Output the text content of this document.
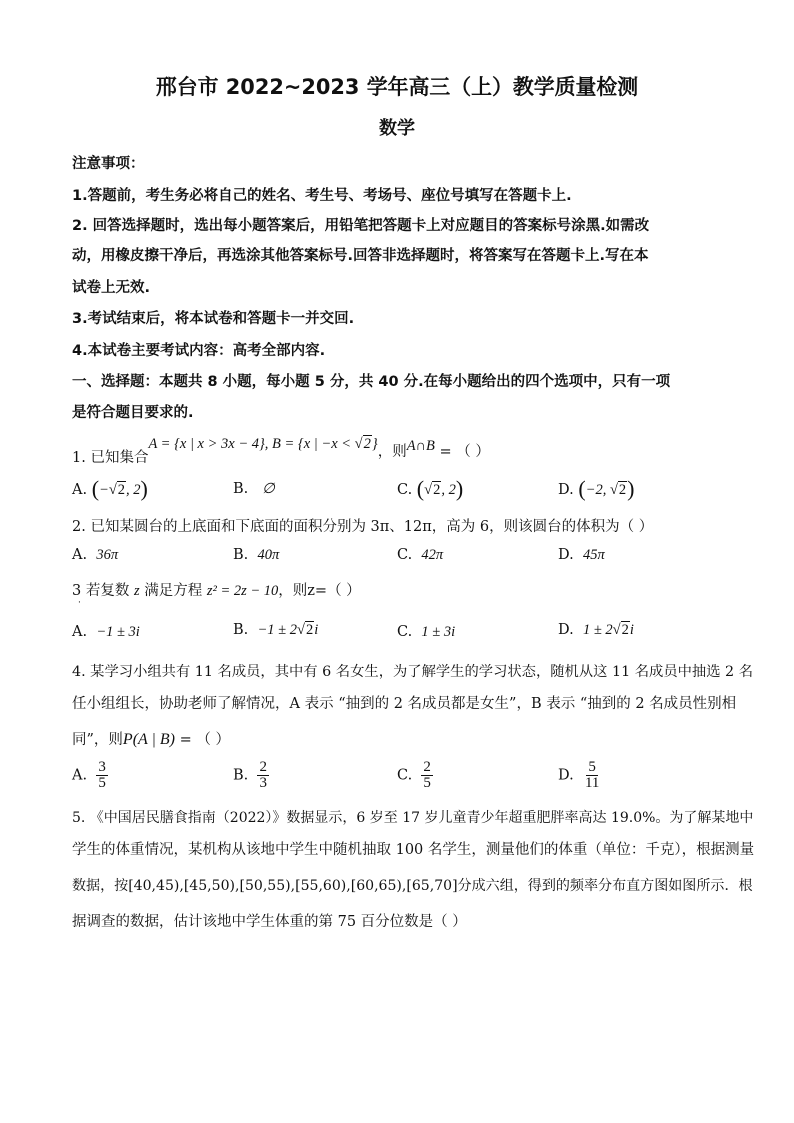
邢台市 2022~2023 学年高三（上）教学质量检测
数学
注意事项：
1.答题前，考生务必将自己的姓名、考生号、考场号、座位号填写在答题卡上.
2. 回答选择题时，选出每小题答案后，用铅笔把答题卡上对应题目的答案标号涂黑.如需改
动，用橡皮擦干净后，再选涂其他答案标号.回答非选择题时，将答案写在答题卡上.写在本
试卷上无效.
3.考试结束后，将本试卷和答题卡一并交回.
4.本试卷主要考试内容：高考全部内容.
一、选择题：本题共 8 小题，每小题 5 分，共 40 分.在每小题给出的四个选项中，只有一项
是符合题目要求的.
1. 已知集合A = {x | x > 3x − 4}, B = {x | −x < √2}，则A∩B = （ ）
A. (−√2, 2)	B. ∅	C. (√2, 2)	D. (−2, √2)
2. 已知某圆台的上底面和下底面的面积分别为 3π、12π，高为 6，则该圆台的体积为（ ）
A. 36π	B. 40π	C. 42π	D. 45π
3 若复数 z 满足方程 z² = 2z − 10，则z=（ ）
·
A. −1 ± 3i	B. −1 ± 2√2i	C. 1 ± 3i	D. 1 ± 2√2i
4. 某学习小组共有 11 名成员，其中有 6 名女生，为了解学生的学习状态，随机从这 11 名成员中抽选 2 名
任小组组长，协助老师了解情况，A 表示 “抽到的 2 名成员都是女生”，B 表示 “抽到的 2 名成员性别相
同”，则P(A | B) = （ ）
A. $\frac{3}{5}$	B. $\frac{2}{3}$	C. $\frac{2}{5}$	D. $\frac{5}{11}$
5. 《中国居民膳食指南（2022）》数据显示，6 岁至 17 岁儿童青少年超重肥胖率高达 19.0%。为了解某地中
学生的体重情况，某机构从该地中学生中随机抽取 100 名学生，测量他们的体重（单位：千克），根据测量
数据，按[40,45),[45,50),[50,55),[55,60),[60,65),[65,70]分成六组，得到的频率分布直方图如图所示．根
据调查的数据，估计该地中学生体重的第 75 百分位数是（ ）
